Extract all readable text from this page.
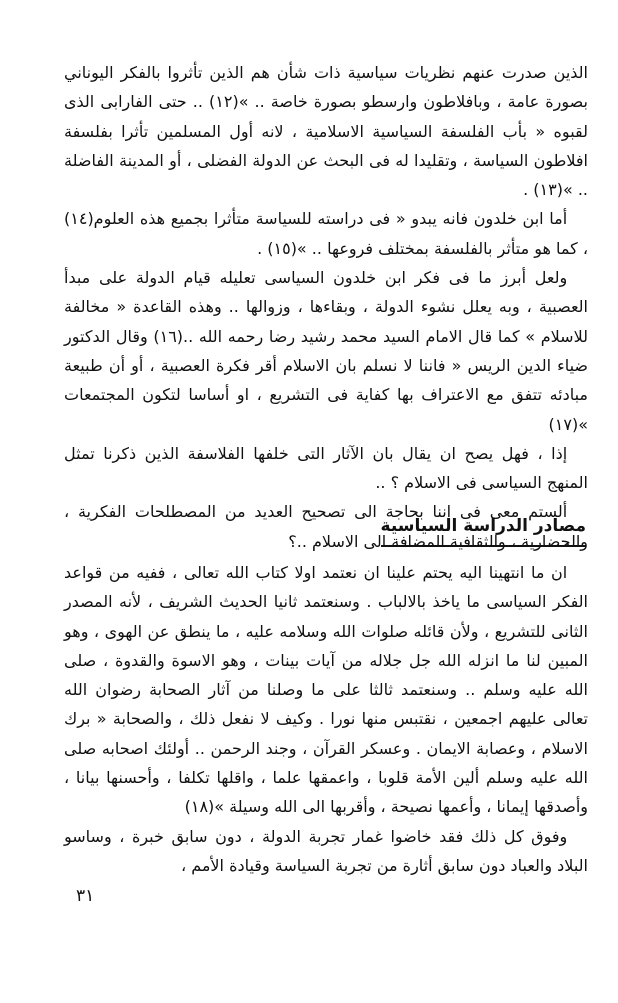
الذين صدرت عنهم نظريات سياسية ذات شأن هم الذين تأثروا بالفكر اليوناني بصورة عامة ، وبافلاطون وارسطو بصورة خاصة .. »(١٢) .. حتى الفارابى الذى لقبوه « بأب الفلسفة السياسية الاسلامية ، لانه أول المسلمين تأثرا بفلسفة افلاطون السياسة ، وتقليدا له فى البحث عن الدولة الفضلى ، أو المدينة الفاضلة .. »(١٣) .

أما ابن خلدون فانه يبدو « فى دراسته للسياسة متأثرا بجميع هذه العلوم(١٤) ، كما هو متأثر بالفلسفة بمختلف فروعها .. »(١٥) .

ولعل أبرز ما فى فكر ابن خلدون السياسى تعليله قيام الدولة على مبدأ العصبية ، وبه يعلل نشوء الدولة ، وبقاءها ، وزوالها .. وهذه القاعدة « مخالفة للاسلام » كما قال الامام السيد محمد رشيد رضا رحمه الله ..(١٦) وقال الدكتور ضياء الدين الريس « فاننا لا نسلم بان الاسلام أقر فكرة العصبية ، أو أن طبيعة مبادئه تتفق مع الاعتراف بها كفاية فى التشريع ، او أساسا لتكون المجتمعات »(١٧)

إذا ، فهل يصح ان يقال بان الآثار التى خلفها الفلاسفة الذين ذكرنا تمثل المنهج السياسى فى الاسلام ؟ ..

ألستم معى فى اننا بحاجة الى تصحيح العديد من المصطلحات الفكرية ، والحضارية ، والثقافية المضافة الى الاسلام ..؟

مصادر الدراسة السياسية

ان ما انتهينا اليه يحتم علينا ان نعتمد اولا كتاب الله تعالى ، ففيه من قواعد الفكر السياسى ما ياخذ بالالباب . وسنعتمد ثانيا الحديث الشريف ، لأنه المصدر الثانى للتشريع ، ولأن قائله صلوات الله وسلامه عليه ، ما ينطق عن الهوى ، وهو المبين لنا ما انزله الله جل جلاله من آيات بينات ، وهو الاسوة والقدوة ، صلى الله عليه وسلم .. وسنعتمد ثالثا على ما وصلنا من آثار الصحابة رضوان الله تعالى عليهم اجمعين ، نقتبس منها نورا . وكيف لا نفعل ذلك ، والصحابة « برك الاسلام ، وعصابة الايمان . وعسكر القرآن ، وجند الرحمن .. أولئك اصحابه صلى الله عليه وسلم ألين الأمة قلوبا ، واعمقها علما ، واقلها تكلفا ، وأحسنها بيانا ، وأصدقها إيمانا ، وأعمها نصيحة ، وأقربها الى الله وسيلة »(١٨)

وفوق كل ذلك فقد خاضوا غمار تجربة الدولة ، دون سابق خبرة ، وساسو البلاد والعباد دون سابق أثارة من تجربة السياسة وقيادة الأمم ،

٣١
